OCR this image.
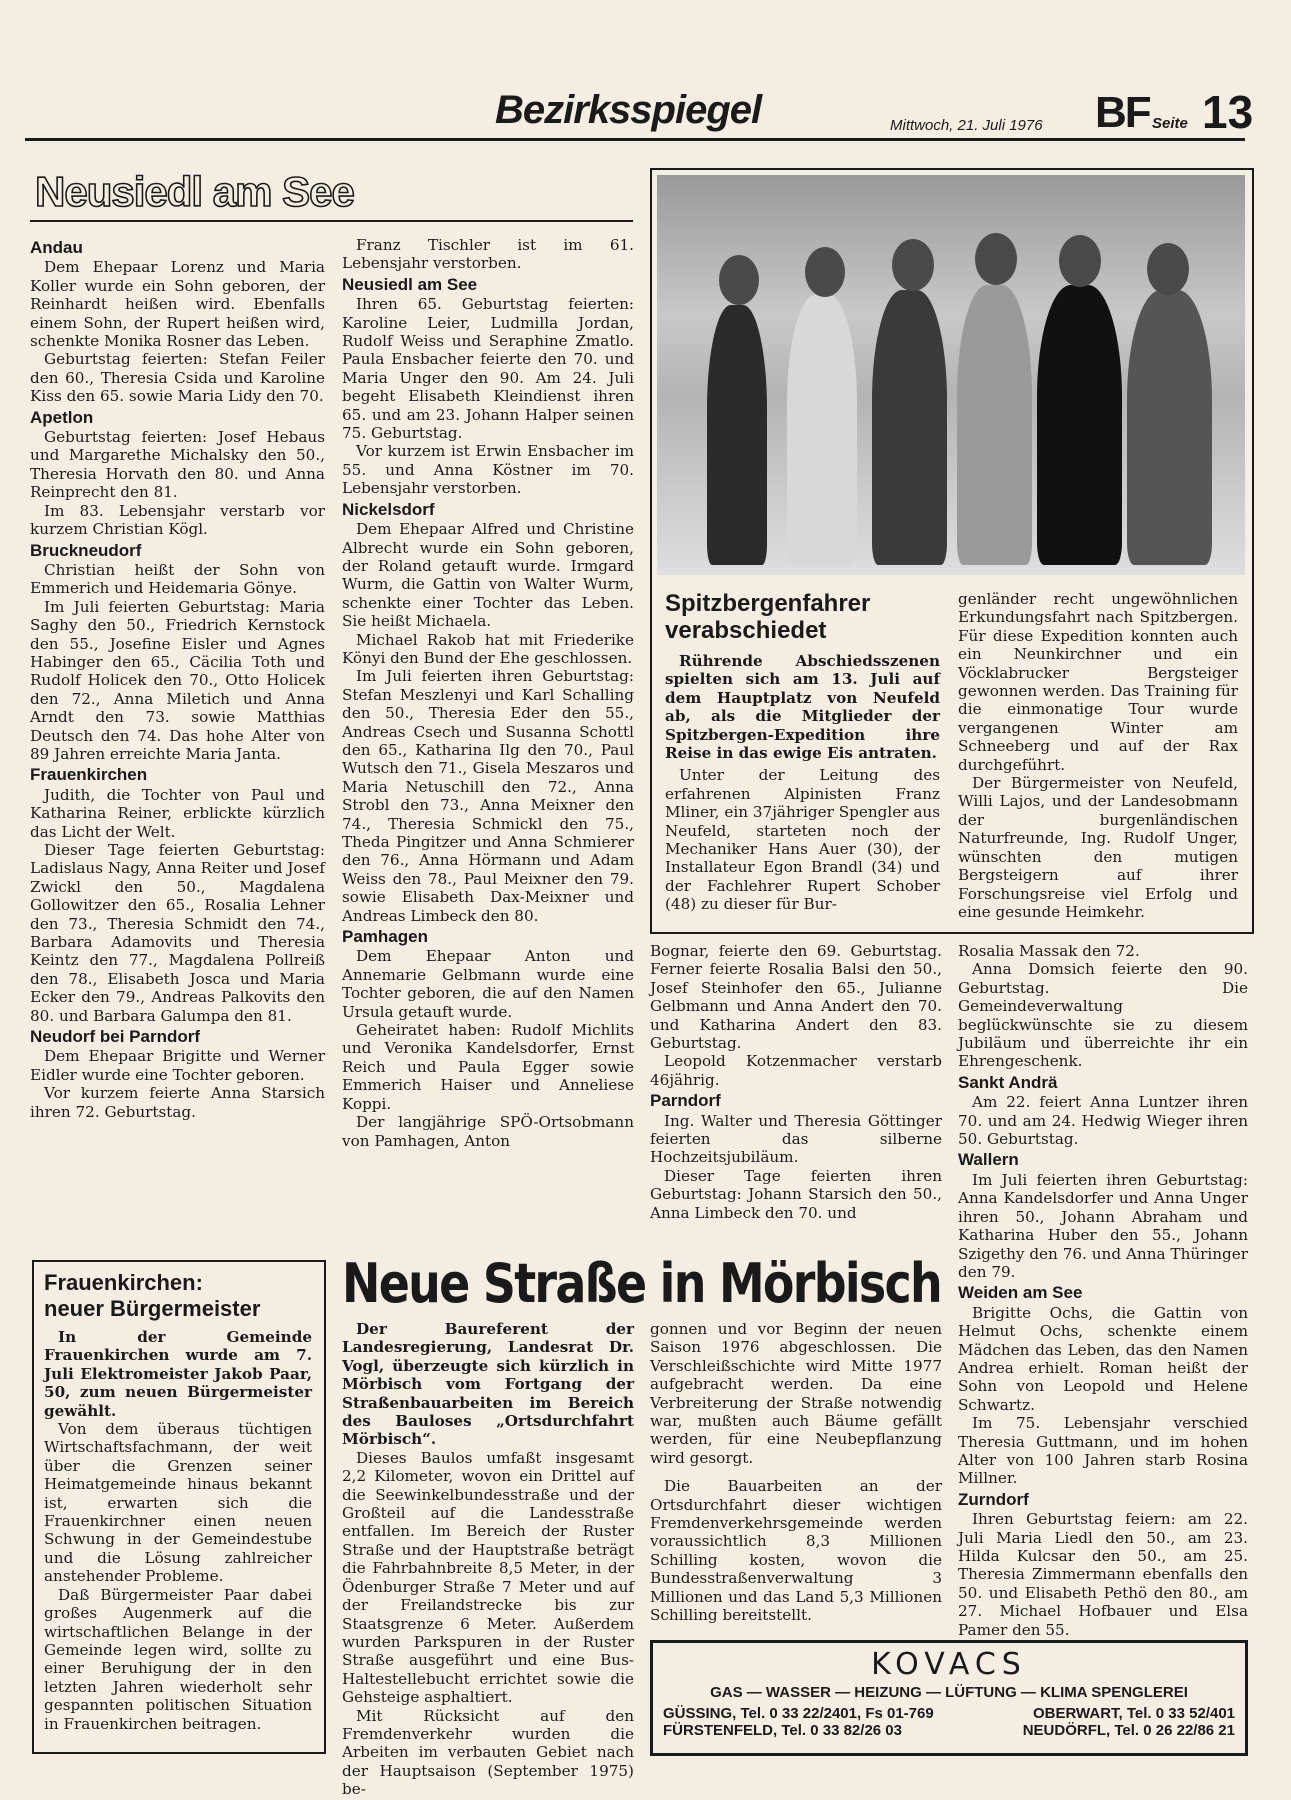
Bezirksspiegel	Mittwoch, 21. Juli 1976 BF Seite 13
Neusiedl am See
Andau

Dem Ehepaar Lorenz und Maria Koller wurde ein Sohn geboren, der Reinhardt heißen wird. Ebenfalls einem Sohn, der Rupert heißen wird, schenkte Monika Rosner das Leben.

Geburtstag feierten: Stefan Feiler den 60., Theresia Csida und Karoline Kiss den 65. sowie Maria Lidy den 70.

Apetlon

Geburtstag feierten: Josef Hebaus und Margarethe Michalsky den 50., Theresia Horvath den 80. und Anna Reinprecht den 81.

Im 83. Lebensjahr verstarb vor kurzem Christian Kögl.

Bruckneudorf

Christian heißt der Sohn von Emmerich und Heidemaria Gönye.

Im Juli feierten Geburtstag: Maria Saghy den 50., Friedrich Kernstock den 55., Josefine Eisler und Agnes Habinger den 65., Cäcilia Toth und Rudolf Holicek den 70., Otto Holicek den 72., Anna Miletich und Anna Arndt den 73. sowie Matthias Deutsch den 74. Das hohe Alter von 89 Jahren erreichte Maria Janta.

Frauenkirchen

Judith, die Tochter von Paul und Katharina Reiner, erblickte kürzlich das Licht der Welt.

Dieser Tage feierten Geburtstag: Ladislaus Nagy, Anna Reiter und Josef Zwickl den 50., Magdalena Gollowitzer den 65., Rosalia Lehner den 73., Theresia Schmidt den 74., Barbara Adamovits und Theresia Keintz den 77., Magdalena Pollreiß den 78., Elisabeth Josca und Maria Ecker den 79., Andreas Palkovits den 80. und Barbara Galumpa den 81.

Neudorf bei Parndorf

Dem Ehepaar Brigitte und Werner Eidler wurde eine Tochter geboren.

Vor kurzem feierte Anna Starsich ihren 72. Geburtstag.

Franz Tischler ist im 61. Lebensjahr verstorben.

Neusiedl am See

Ihren 65. Geburtstag feierten: Karoline Leier, Ludmilla Jordan, Rudolf Weiss und Seraphine Zmatlo. Paula Ensbacher feierte den 70. und Maria Unger den 90. Am 24. Juli begeht Elisabeth Kleindienst ihren 65. und am 23. Johann Halper seinen 75. Geburtstag.

Vor kurzem ist Erwin Ensbacher im 55. und Anna Köstner im 70. Lebensjahr verstorben.

Nickelsdorf

Dem Ehepaar Alfred und Christine Albrecht wurde ein Sohn geboren, der Roland getauft wurde. Irmgard Wurm, die Gattin von Walter Wurm, schenkte einer Tochter das Leben. Sie heißt Michaela.

Michael Rakob hat mit Friederike Könyi den Bund der Ehe geschlossen.

Im Juli feierten ihren Geburtstag: Stefan Meszlenyi und Karl Schalling den 50., Theresia Eder den 55., Andreas Csech und Susanna Schottl den 65., Katharina Ilg den 70., Paul Wutsch den 71., Gisela Meszaros und Maria Netuschill den 72., Anna Strobl den 73., Anna Meixner den 74., Theresia Schmickl den 75., Theda Pingitzer und Anna Schmierer den 76., Anna Hörmann und Adam Weiss den 78., Paul Meixner den 79. sowie Elisabeth Dax-Meixner und Andreas Limbeck den 80.

Pamhagen

Dem Ehepaar Anton und Annemarie Gelbmann wurde eine Tochter geboren, die auf den Namen Ursula getauft wurde.

Geheiratet haben: Rudolf Michlits und Veronika Kandelsdorfer, Ernst Reich und Paula Egger sowie Emmerich Haiser und Anneliese Koppi.

Der langjährige SPÖ-Ortsobmann von Pamhagen, Anton

Spitzbergenfahrer verabschiedet

Rührende Abschiedsszenen spielten sich am 13. Juli auf dem Hauptplatz von Neufeld ab, als die Mitglieder der Spitzbergen-Expedition ihre Reise in das ewige Eis antraten.

Unter der Leitung des erfahrenen Alpinisten Franz Mliner, ein 37jähriger Spengler aus Neufeld, starteten noch der Mechaniker Hans Auer (30), der Installateur Egon Brandl (34) und der Fachlehrer Rupert Schober (48) zu dieser für Bur-

genländer recht ungewöhnlichen Erkundungsfahrt nach Spitzbergen. Für diese Expedition konnten auch ein Neunkirchner und ein Vöcklabrucker Bergsteiger gewonnen werden. Das Training für die einmonatige Tour wurde vergangenen Winter am Schneeberg und auf der Rax durchgeführt.

Der Bürgermeister von Neufeld, Willi Lajos, und der Landesobmann der burgenländischen Naturfreunde, Ing. Rudolf Unger, wünschten den mutigen Bergsteigern auf ihrer Forschungsreise viel Erfolg und eine gesunde Heimkehr.

Bognar, feierte den 69. Geburtstag. Ferner feierte Rosalia Balsi den 50., Josef Steinhofer den 65., Julianne Gelbmann und Anna Andert den 70. und Katharina Andert den 83. Geburtstag.

Leopold Kotzenmacher verstarb 46jährig.

Parndorf

Ing. Walter und Theresia Göttinger feierten das silberne Hochzeitsjubiläum.

Dieser Tage feierten ihren Geburtstag: Johann Starsich den 50., Anna Limbeck den 70. und

Rosalia Massak den 72.

Anna Domsich feierte den 90. Geburtstag. Die Gemeindeverwaltung beglückwünschte sie zu diesem Jubiläum und überreichte ihr ein Ehrengeschenk.

Sankt Andrä

Am 22. feiert Anna Luntzer ihren 70. und am 24. Hedwig Wieger ihren 50. Geburtstag.

Wallern

Im Juli feierten ihren Geburtstag: Anna Kandelsdorfer und Anna Unger ihren 50., Johann Abraham und Katharina Huber den 55., Johann Szigethy den 76. und Anna Thüringer den 79.

Weiden am See

Brigitte Ochs, die Gattin von Helmut Ochs, schenkte einem Mädchen das Leben, das den Namen Andrea erhielt. Roman heißt der Sohn von Leopold und Helene Schwartz.

Im 75. Lebensjahr verschied Theresia Guttmann, und im hohen Alter von 100 Jahren starb Rosina Millner.

Zurndorf

Ihren Geburtstag feiern: am 22. Juli Maria Liedl den 50., am 23. Hilda Kulcsar den 50., am 25. Theresia Zimmermann ebenfalls den 50. und Elisabeth Pethö den 80., am 27. Michael Hofbauer und Elsa Pamer den 55.

Frauenkirchen:
neuer Bürgermeister

In der Gemeinde Frauenkirchen wurde am 7. Juli Elektromeister Jakob Paar, 50, zum neuen Bürgermeister gewählt.

Von dem überaus tüchtigen Wirtschaftsfachmann, der weit über die Grenzen seiner Heimatgemeinde hinaus bekannt ist, erwarten sich die Frauenkirchner einen neuen Schwung in der Gemeindestube und die Lösung zahlreicher anstehender Probleme.

Daß Bürgermeister Paar dabei großes Augenmerk auf die wirtschaftlichen Belange in der Gemeinde legen wird, sollte zu einer Beruhigung der in den letzten Jahren wiederholt sehr gespannten politischen Situation in Frauenkirchen beitragen.

Neue Straße in Mörbisch

Der Baureferent der Landesregierung, Landesrat Dr. Vogl, überzeugte sich kürzlich in Mörbisch vom Fortgang der Straßenbauarbeiten im Bereich des Bauloses „Ortsdurchfahrt Mörbisch“.

Dieses Baulos umfaßt insgesamt 2,2 Kilometer, wovon ein Drittel auf die Seewinkelbundesstraße und der Großteil auf die Landesstraße entfallen. Im Bereich der Ruster Straße und der Hauptstraße beträgt die Fahrbahnbreite 8,5 Meter, in der Ödenburger Straße 7 Meter und auf der Freilandstrecke bis zur Staatsgrenze 6 Meter. Außerdem wurden Parkspuren in der Ruster Straße ausgeführt und eine Bus-Haltestellebucht errichtet sowie die Gehsteige asphaltiert.

Mit Rücksicht auf den Fremdenverkehr wurden die Arbeiten im verbauten Gebiet nach der Hauptsaison (September 1975) be-

gonnen und vor Beginn der neuen Saison 1976 abgeschlossen. Die Verschleißschichte wird Mitte 1977 aufgebracht werden. Da eine Verbreiterung der Straße notwendig war, mußten auch Bäume gefällt werden, für eine Neubepflanzung wird gesorgt.

Die Bauarbeiten an der Ortsdurchfahrt dieser wichtigen Fremdenverkehrsgemeinde werden voraussichtlich 8,3 Millionen Schilling kosten, wovon die Bundesstraßenverwaltung 3 Millionen und das Land 5,3 Millionen Schilling bereitstellt.

KOVACS
GAS — WASSER — HEIZUNG — LÜFTUNG — KLIMA SPENGLEREI
GÜSSING, Tel. 0 33 22/2401, Fs 01-769	OBERWART, Tel. 0 33 52/401
FÜRSTENFELD, Tel. 0 33 82/26 03	NEUDÖRFL, Tel. 0 26 22/86 21
